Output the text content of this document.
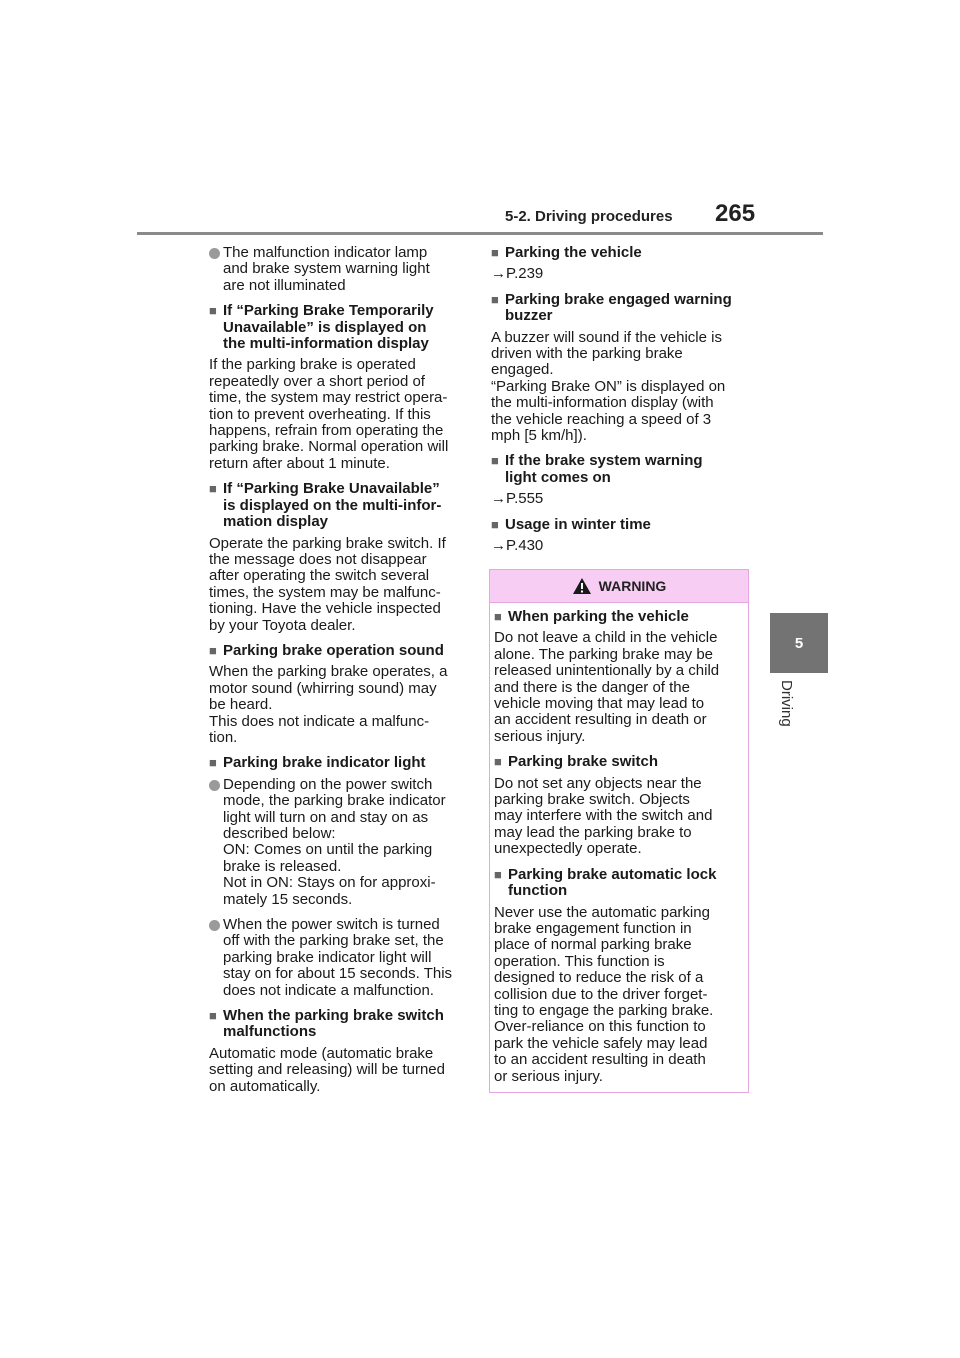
5-2. Driving procedures 265
5
Driving

The malfunction indicator lamp
and brake system warning light
are not illuminated

■ If “Parking Brake Temporarily
Unavailable” is displayed on
the multi-information display

If the parking brake is operated
repeatedly over a short period of
time, the system may restrict opera-
tion to prevent overheating. If this
happens, refrain from operating the
parking brake. Normal operation will
return after about 1 minute.

■ If “Parking Brake Unavailable”
is displayed on the multi-infor-
mation display

Operate the parking brake switch. If
the message does not disappear
after operating the switch several
times, the system may be malfunc-
tioning. Have the vehicle inspected
by your Toyota dealer.

■ Parking brake operation sound

When the parking brake operates, a
motor sound (whirring sound) may
be heard.
This does not indicate a malfunc-
tion.

■ Parking brake indicator light

Depending on the power switch
mode, the parking brake indicator
light will turn on and stay on as
described below:
ON: Comes on until the parking
brake is released.
Not in ON: Stays on for approxi-
mately 15 seconds.

When the power switch is turned
off with the parking brake set, the
parking brake indicator light will
stay on for about 15 seconds. This
does not indicate a malfunction.

■ When the parking brake switch
malfunctions

Automatic mode (automatic brake
setting and releasing) will be turned
on automatically.

■ Parking the vehicle

→P.239

■ Parking brake engaged warning
buzzer

A buzzer will sound if the vehicle is
driven with the parking brake
engaged.
“Parking Brake ON” is displayed on
the multi-information display (with
the vehicle reaching a speed of 3
mph [5 km/h]).

■ If the brake system warning
light comes on

→P.555

■ Usage in winter time

→P.430

WARNING

■ When parking the vehicle

Do not leave a child in the vehicle
alone. The parking brake may be
released unintentionally by a child
and there is the danger of the
vehicle moving that may lead to
an accident resulting in death or
serious injury.

■ Parking brake switch

Do not set any objects near the
parking brake switch. Objects
may interfere with the switch and
may lead the parking brake to
unexpectedly operate.

■ Parking brake automatic lock
function

Never use the automatic parking
brake engagement function in
place of normal parking brake
operation. This function is
designed to reduce the risk of a
collision due to the driver forget-
ting to engage the parking brake.
Over-reliance on this function to
park the vehicle safely may lead
to an accident resulting in death
or serious injury.
